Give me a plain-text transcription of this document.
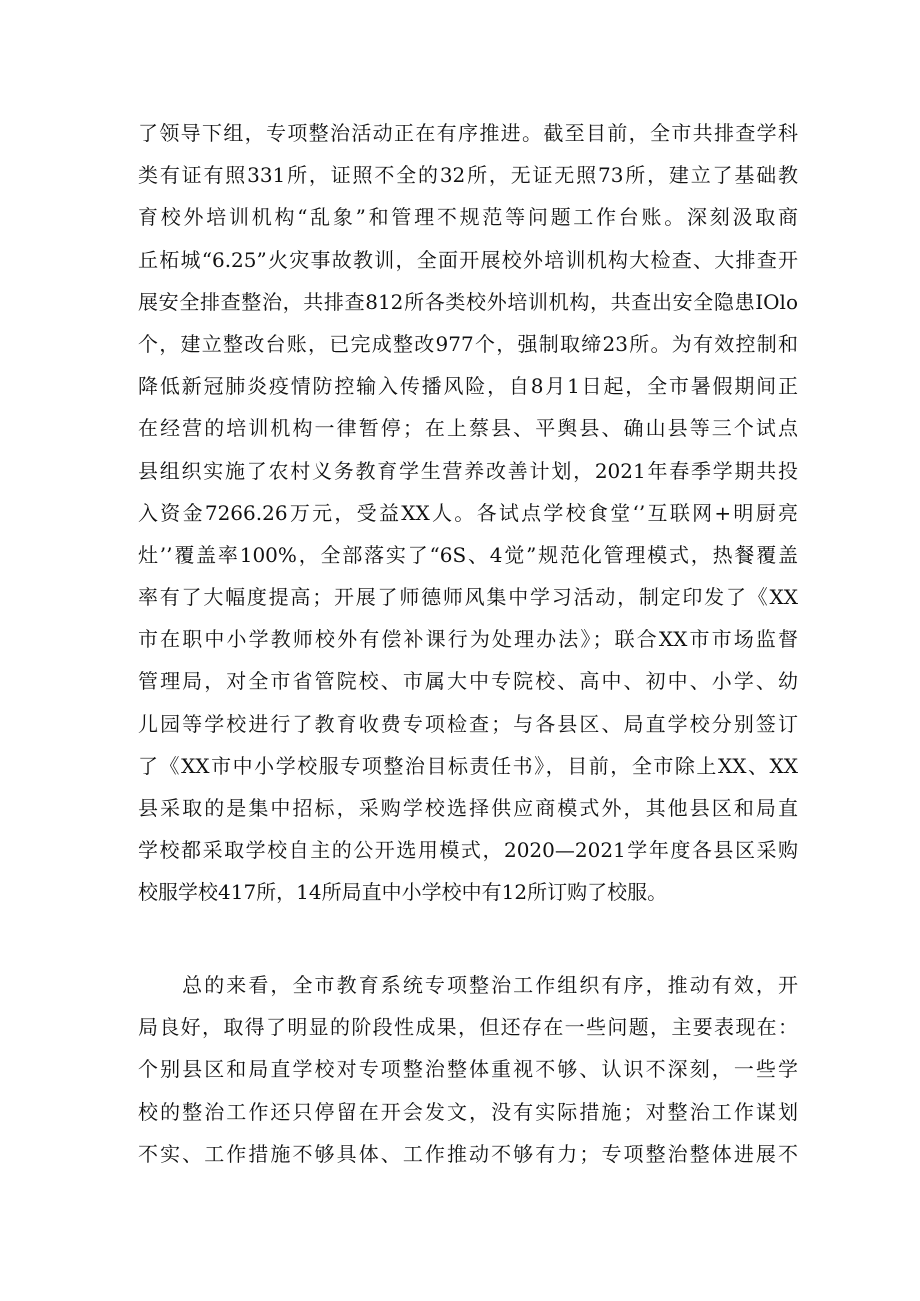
了领导下组，专项整治活动正在有序推进。截至目前，全市共排查学科
类有证有照331所，证照不全的32所，无证无照73所，建立了基础教
育校外培训机构“乱象”和管理不规范等问题工作台账。深刻汲取商
丘柘城“6.25”火灾事故教训，全面开展校外培训机构大检查、大排查开
展安全排查整治，共排查812所各类校外培训机构，共查出安全隐患IOlo
个，建立整改台账，已完成整改977个，强制取缔23所。为有效控制和
降低新冠肺炎疫情防控输入传播风险，自8月1日起，全市暑假期间正
在经营的培训机构一律暂停；在上蔡县、平舆县、确山县等三个试点
县组织实施了农村义务教育学生营养改善计划，2021年春季学期共投
入资金7266.26万元，受益XX人。各试点学校食堂‘’互联网+明厨亮
灶’’覆盖率100%，全部落实了“6S、4觉”规范化管理模式，热餐覆盖
率有了大幅度提高；开展了师德师风集中学习活动，制定印发了《XX
市在职中小学教师校外有偿补课行为处理办法》；联合XX市市场监督
管理局，对全市省管院校、市属大中专院校、高中、初中、小学、幼
儿园等学校进行了教育收费专项检查；与各县区、局直学校分别签订
了《XX市中小学校服专项整治目标责任书》，目前，全市除上XX、XX
县采取的是集中招标，采购学校选择供应商模式外，其他县区和局直
学校都采取学校自主的公开选用模式，2020—2021学年度各县区采购
校服学校417所，14所局直中小学校中有12所订购了校服。
　　总的来看，全市教育系统专项整治工作组织有序，推动有效，开
局良好，取得了明显的阶段性成果，但还存在一些问题，主要表现在：
个别县区和局直学校对专项整治整体重视不够、认识不深刻，一些学
校的整治工作还只停留在开会发文，没有实际措施；对整治工作谋划
不实、工作措施不够具体、工作推动不够有力；专项整治整体进展不
